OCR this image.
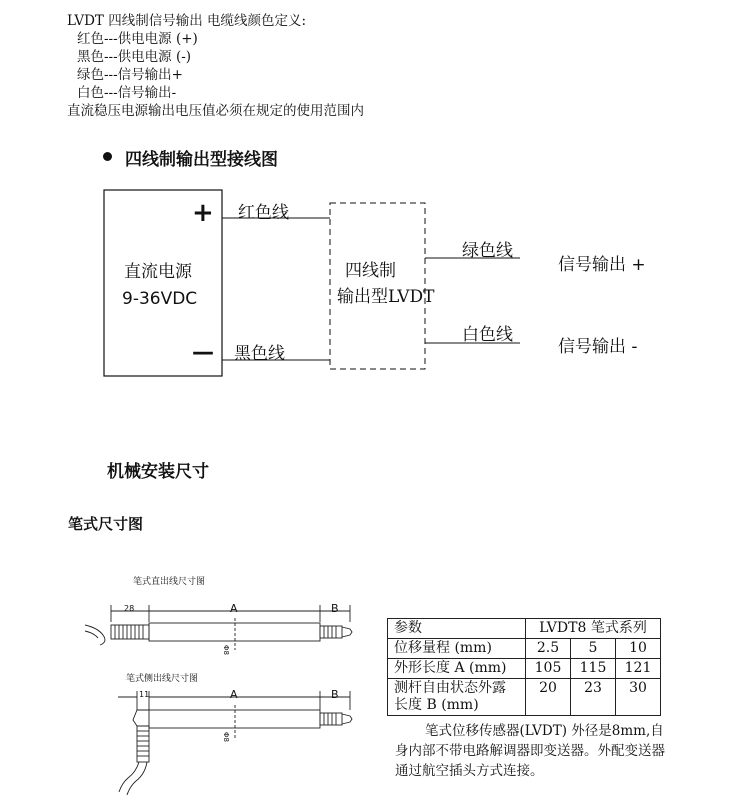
LVDT 四线制信号输出 电缆线颜色定义:
红色---供电电源 (+)
黑色---供电电源 (-)
绿色---信号输出+
白色---信号输出-
直流稳压电源输出电压值必须在规定的使用范围内
四线制输出型接线图
+
—
直流电源
9-36VDC
红色线
黑色线
四线制
输出型LVDT
绿色线
白色线
信号输出 +
信号输出 -
机械安装尺寸
笔式尺寸图
笔式直出线尺寸图
笔式侧出线尺寸图
28	A	B
Φ8
11	A	B
Φ8
参数	LVDT8 笔式系列		
位移量程 (mm)	2.5	5	10
外形长度 A (mm)	105	115	121
测杆自由状态外露长度 B (mm)	20	23	30
笔式位移传感器(LVDT) 外径是8mm,自身内部不带电路解调器即变送器。外配变送器通过航空插头方式连接。
